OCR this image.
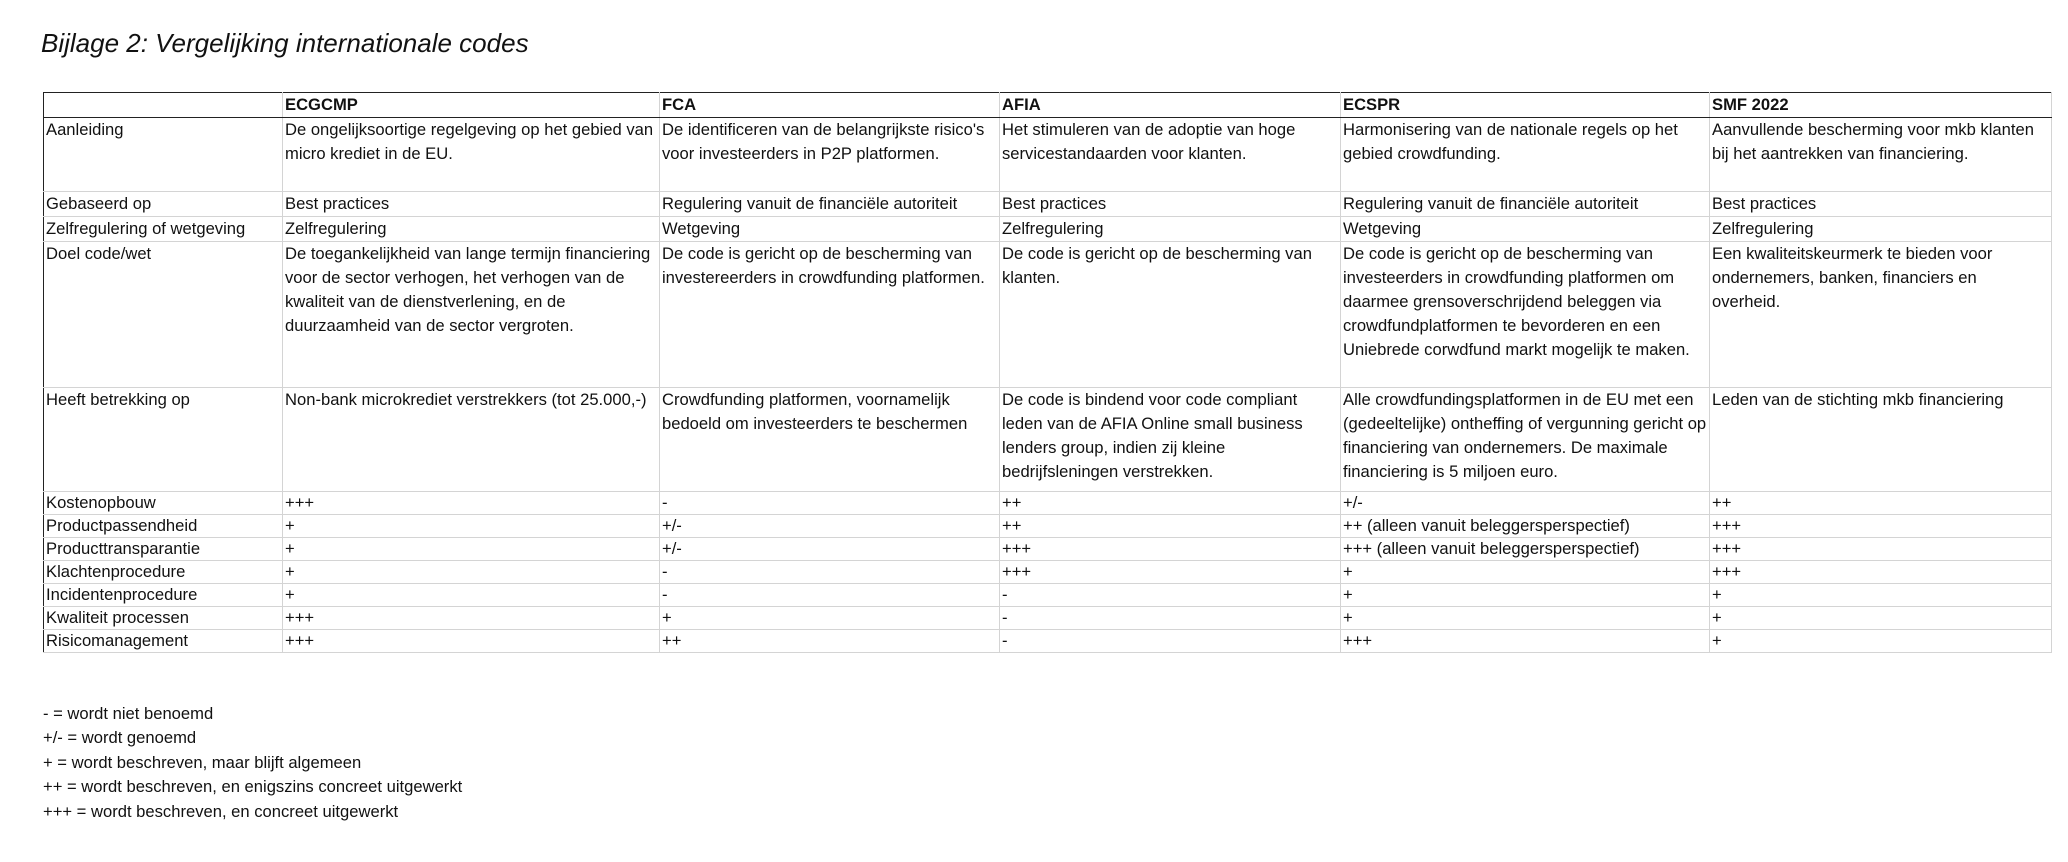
Bijlage 2: Vergelijking internationale codes
	ECGCMP	FCA	AFIA	ECSPR	SMF 2022
Aanleiding	De ongelijksoortige regelgeving op het gebied van micro krediet in de EU.	De identificeren van de belangrijkste risico's voor investeerders in P2P platformen.	Het stimuleren van de adoptie van hoge servicestandaarden voor klanten.	Harmonisering van de nationale regels op het gebied crowdfunding.	Aanvullende bescherming voor mkb klanten bij het aantrekken van financiering.
Gebaseerd op	Best practices	Regulering vanuit de financiële autoriteit	Best practices	Regulering vanuit de financiële autoriteit	Best practices
Zelfregulering of wetgeving	Zelfregulering	Wetgeving	Zelfregulering	Wetgeving	Zelfregulering
Doel code/wet	De toegankelijkheid van lange termijn financiering voor de sector verhogen, het verhogen van de kwaliteit van de dienstverlening, en de duurzaamheid van de sector vergroten.	De code is gericht op de bescherming van investereerders in crowdfunding platformen.	De code is gericht op de bescherming van klanten.	De code is gericht op de bescherming van investeerders in crowdfunding platformen om daarmee grensoverschrijdend beleggen via crowdfundplatformen te bevorderen en een Uniebrede corwdfund markt mogelijk te maken.	Een kwaliteitskeurmerk te bieden voor ondernemers, banken, financiers en overheid.
Heeft betrekking op	Non-bank microkrediet verstrekkers (tot 25.000,-)	Crowdfunding platformen, voornamelijk bedoeld om investeerders te beschermen	De code is bindend voor code compliant leden van de AFIA Online small business lenders group, indien zij kleine bedrijfsleningen verstrekken.	Alle crowdfundingsplatformen in de EU met een (gedeeltelijke) ontheffing of vergunning gericht op financiering van ondernemers. De maximale financiering is 5 miljoen euro.	Leden van de stichting mkb financiering
Kostenopbouw	+++	-	++	+/-	++
Productpassendheid	+	+/-	++	++ (alleen vanuit beleggersperspectief)	+++
Producttransparantie	+	+/-	+++	+++ (alleen vanuit beleggersperspectief)	+++
Klachtenprocedure	+	-	+++	+	+++
Incidentenprocedure	+	-	-	+	+
Kwaliteit processen	+++	+	-	+	+
Risicomanagement	+++	++	-	+++	+
- = wordt niet benoemd
+/- = wordt genoemd
+ = wordt beschreven, maar blijft algemeen
++ = wordt beschreven, en enigszins concreet uitgewerkt
+++ = wordt beschreven, en concreet uitgewerkt
